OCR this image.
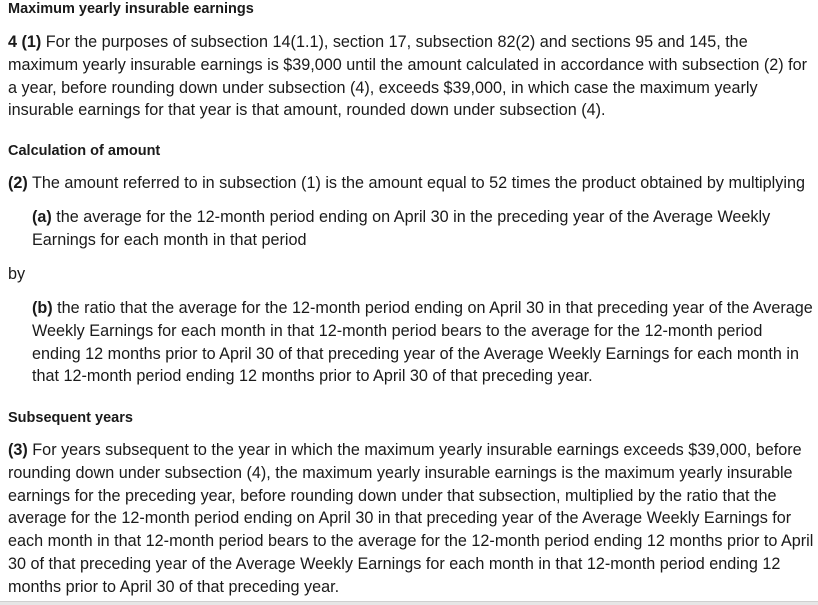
Maximum yearly insurable earnings

4 (1) For the purposes of subsection 14(1.1), section 17, subsection 82(2) and sections 95 and 145, the maximum yearly insurable earnings is $39,000 until the amount calculated in accordance with subsection (2) for a year, before rounding down under subsection (4), exceeds $39,000, in which case the maximum yearly insurable earnings for that year is that amount, rounded down under subsection (4).

Calculation of amount

(2) The amount referred to in subsection (1) is the amount equal to 52 times the product obtained by multiplying

(a) the average for the 12-month period ending on April 30 in the preceding year of the Average Weekly Earnings for each month in that period

by

(b) the ratio that the average for the 12-month period ending on April 30 in that preceding year of the Average Weekly Earnings for each month in that 12-month period bears to the average for the 12-month period ending 12 months prior to April 30 of that preceding year of the Average Weekly Earnings for each month in that 12-month period ending 12 months prior to April 30 of that preceding year.

Subsequent years

(3) For years subsequent to the year in which the maximum yearly insurable earnings exceeds $39,000, before rounding down under subsection (4), the maximum yearly insurable earnings is the maximum yearly insurable earnings for the preceding year, before rounding down under that subsection, multiplied by the ratio that the average for the 12-month period ending on April 30 in that preceding year of the Average Weekly Earnings for each month in that 12-month period bears to the average for the 12-month period ending 12 months prior to April 30 of that preceding year of the Average Weekly Earnings for each month in that 12-month period ending 12 months prior to April 30 of that preceding year.
